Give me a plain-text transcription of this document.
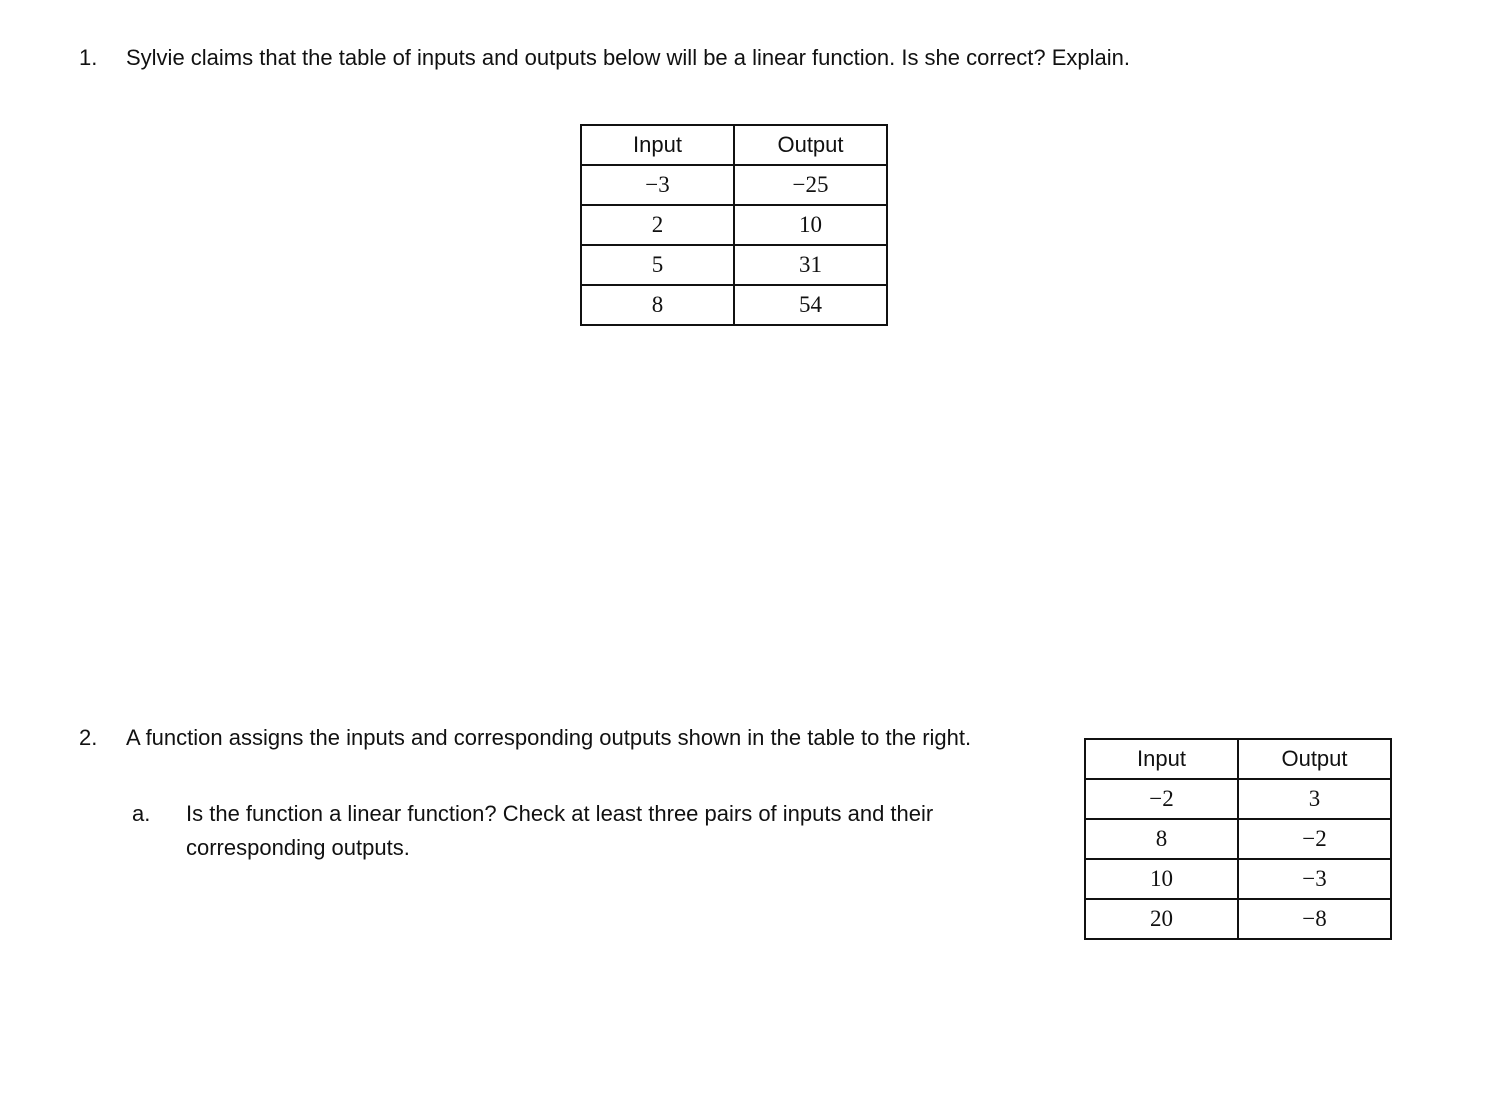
1. Sylvie claims that the table of inputs and outputs below will be a linear function. Is she correct? Explain.

Input	Output
−3	−25
2	10
5	31
8	54
2. A function assigns the inputs and corresponding outputs shown in the table to the right.

a. Is the function a linear function? Check at least three pairs of inputs and their corresponding outputs.

Input	Output
−2	3
8	−2
10	−3
20	−8
